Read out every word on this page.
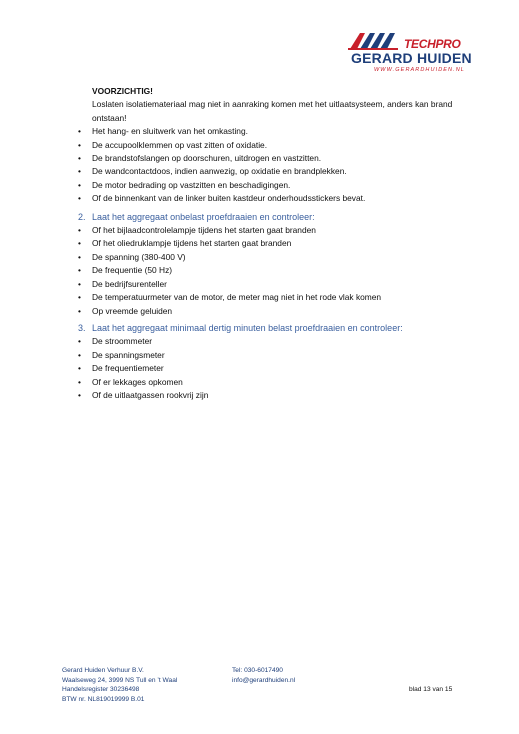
TECHPRO
GERARD HUIDEN
WWW.GERARDHUIDEN.NL
VOORZICHTIG!
Loslaten isolatiemateriaal mag niet in aanraking komen met het uitlaatsysteem, anders kan brand ontstaan!
• Het hang- en sluitwerk van het omkasting.
• De accupoolklemmen op vast zitten of oxidatie.
• De brandstofslangen op doorschuren, uitdrogen en vastzitten.
• De wandcontactdoos, indien aanwezig, op oxidatie en brandplekken.
• De motor bedrading op vastzitten en beschadigingen.
• Of de binnenkant van de linker buiten kastdeur onderhoudsstickers bevat.
2. Laat het aggregaat onbelast proefdraaien en controleer:
• Of het bijlaadcontrolelampje tijdens het starten gaat branden
• Of het oliedruklampje tijdens het starten gaat branden
• De spanning (380-400 V)
• De frequentie (50 Hz)
• De bedrijfsurenteller
• De temperatuurmeter van de motor, de meter mag niet in het rode vlak komen
• Op vreemde geluiden
3. Laat het aggregaat minimaal dertig minuten belast proefdraaien en controleer:
• De stroommeter
• De spanningsmeter
• De frequentiemeter
• Of er lekkages opkomen
• Of de uitlaatgassen rookvrij zijn
Gerard Huiden Verhuur B.V.
Waalseweg 24, 3999 NS Tull en ’t Waal
Handelsregister 30236498
BTW nr. NL819019999 B.01
Tel: 030-6017490
info@gerardhuiden.nl
blad 13 van 15
